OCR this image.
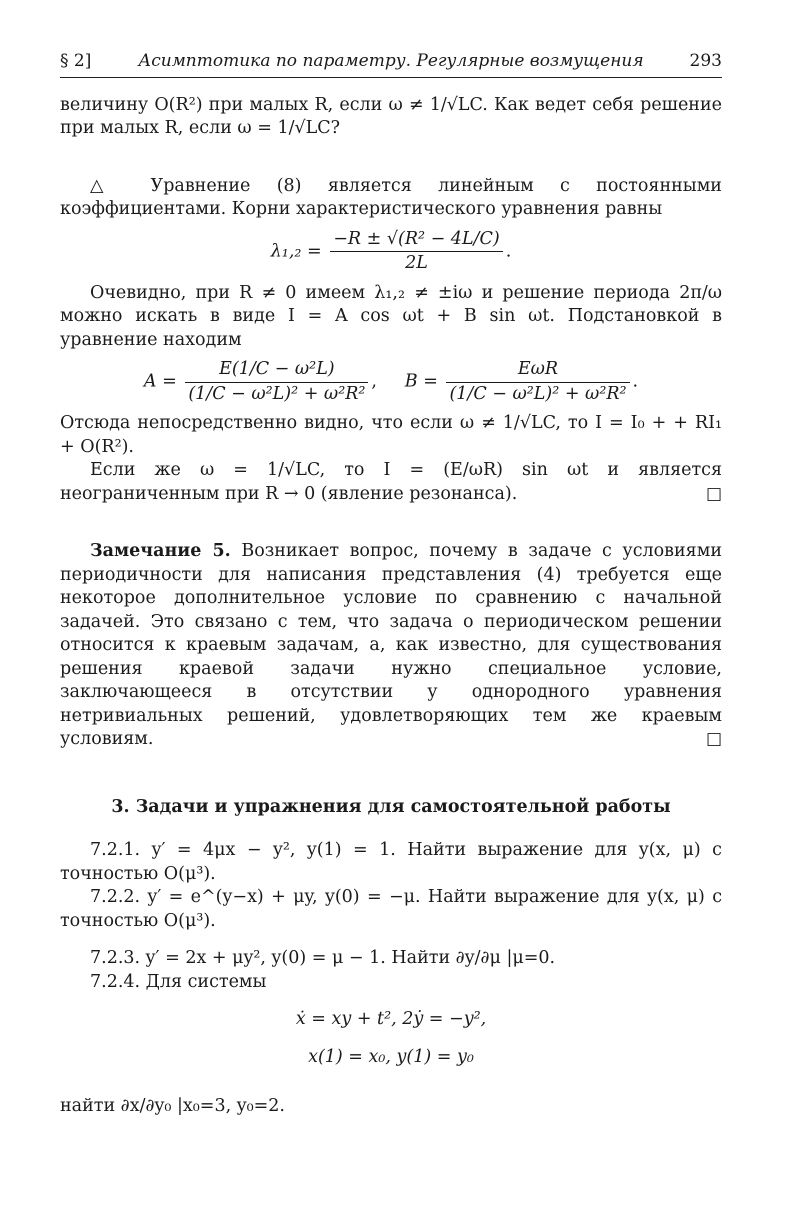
§ 2]	Асимптотика по параметру. Регулярные возмущения	293

величину O(R²) при малых R, если ω ≠ 1/√LC. Как ведет себя решение при малых R, если ω = 1/√LC?

△ Уравнение (8) является линейным с постоянными коэффициентами. Корни характеристического уравнения равны

$\lambda_1,_2 = \frac{\text{−R ± √(R² − 4L/C)}}{2L}$ .

Очевидно, при R ≠ 0 имеем λ₁,₂ ≠ ±iω и решение периода 2π/ω можно искать в виде I = A cos ωt + B sin ωt. Подстановкой в уравнение находим

$A = \frac{\text{E(1/C − ω²L)}}{\text{(1/C − ω²L)² + ω²R²}}$ ,     $B = \frac{\text{EωR}}{\text{(1/C − ω²L)² + ω²R²}}$ .

Отсюда непосредственно видно, что если ω ≠ 1/√LC, то I = I₀ + + RI₁ + O(R²).

Если же ω = 1/√LC, то I = (E/ωR) sin ωt и является неограниченным при R → 0 (явление резонанса).	□

Замечание 5. Возникает вопрос, почему в задаче с условиями периодичности для написания представления (4) требуется еще некоторое дополнительное условие по сравнению с начальной задачей. Это связано с тем, что задача о периодическом решении относится к краевым задачам, а, как известно, для существования решения краевой задачи нужно специальное условие, заключающееся в отсутствии у однородного уравнения нетривиальных решений, удовлетворяющих тем же краевым условиям.	□

3. Задачи и упражнения для самостоятельной работы

7.2.1. y′ = 4μx − y², y(1) = 1. Найти выражение для y(x, μ) с точностью O(μ³).

7.2.2. y′ = e^(y−x) + μy, y(0) = −μ. Найти выражение для y(x, μ) с точностью O(μ³).

7.2.3. y′ = 2x + μy², y(0) = μ − 1. Найти ∂y/∂μ |μ=0.

7.2.4. Для системы

ẋ = xy + t², 2ẏ = −y²,
x(1) = x₀, y(1) = y₀

найти ∂x/∂y₀ |x₀=3, y₀=2.
